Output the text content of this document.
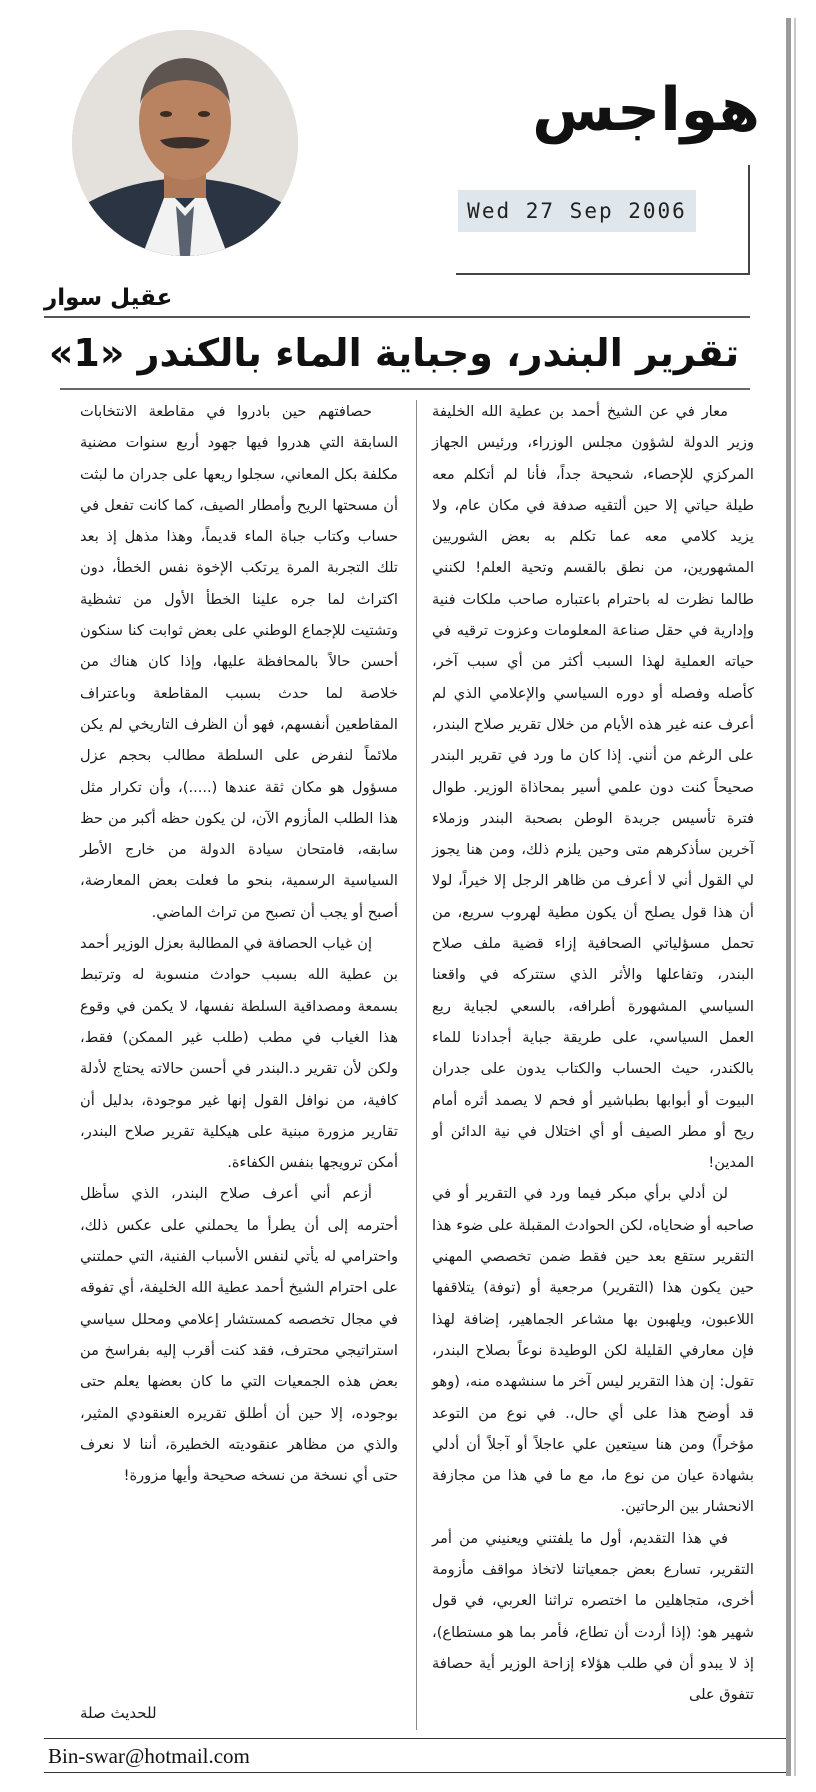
هواجس
Wed 27 Sep 2006
عقيل سوار
تقرير البندر، وجباية الماء بالكندر «1»

معار في عن الشيخ أحمد بن عطية الله الخليفة وزير الدولة لشؤون مجلس الوزراء، ورئيس الجهاز المركزي للإحصاء، شحيحة جداً، فأنا لم أتكلم معه طيلة حياتي إلا حين ألتقيه صدفة في مكان عام، ولا يزيد كلامي معه عما تكلم به بعض الشوريين المشهورين، من نطق بالقسم وتحية العلم! لكنني طالما نظرت له باحترام باعتباره صاحب ملكات فنية وإدارية في حقل صناعة المعلومات وعزوت ترقيه في حياته العملية لهذا السبب أكثر من أي سبب آخر، كأصله وفصله أو دوره السياسي والإعلامي الذي لم أعرف عنه غير هذه الأيام من خلال تقرير صلاح البندر، على الرغم من أنني. إذا كان ما ورد في تقرير البندر صحيحاً كنت دون علمي أسير بمحاذاة الوزير. طوال فترة تأسيس جريدة الوطن بصحبة البندر وزملاء آخرين سأذكرهم متى وحين يلزم ذلك، ومن هنا يجوز لي القول أني لا أعرف من ظاهر الرجل إلا خيراً، لولا أن هذا قول يصلح أن يكون مطية لهروب سريع، من تحمل مسؤلياتي الصحافية إزاء قضية ملف صلاح البندر، وتفاعلها والأثر الذي ستتركه في واقعنا السياسي المشهورة أطرافه، بالسعي لجباية ريع العمل السياسي، على طريقة جباية أجدادنا للماء بالكندر، حيث الحساب والكتاب يدون على جدران البيوت أو أبوابها بطباشير أو فحم لا يصمد أثره أمام ريح أو مطر الصيف أو أي اختلال في نية الدائن أو المدين!

لن أدلي برأي مبكر فيما ورد في التقرير أو في صاحبه أو ضحاياه، لكن الحوادث المقبلة على ضوء هذا التقرير ستقع بعد حين فقط ضمن تخصصي المهني حين يكون هذا (التقرير) مرجعية أو (توفة) يتلاقفها اللاعبون، ويلهبون بها مشاعر الجماهير، إضافة لهذا فإن معارفي القليلة لكن الوطيدة نوعاً بصلاح البندر، تقول: إن هذا التقرير ليس آخر ما سنشهده منه، (وهو قد أوضح هذا على أي حال،. في نوع من التوعد مؤخراً) ومن هنا سيتعين علي عاجلاً أو آجلاً أن أدلي بشهادة عيان من نوع ما، مع ما في هذا من مجازفة الانحشار بين الرحاتين.

في هذا التقديم، أول ما يلفتني ويعنيني من أمر التقرير، تسارع بعض جمعياتنا لاتخاذ مواقف مأزومة أخرى، متجاهلين ما اختصره تراثنا العربي، في قول شهير هو: (إذا أردت أن تطاع، فأمر بما هو مستطاع)، إذ لا يبدو أن في طلب هؤلاء إزاحة الوزير أية حصافة تتفوق على

حصافتهم حين بادروا في مقاطعة الانتخابات السابقة التي هدروا فيها جهود أربع سنوات مضنية مكلفة بكل المعاني، سجلوا ريعها على جدران ما لبثت أن مسحتها الريح وأمطار الصيف، كما كانت تفعل في حساب وكتاب جباة الماء قديماً، وهذا مذهل إذ بعد تلك التجربة المرة يرتكب الإخوة نفس الخطأ، دون اكتراث لما جره علينا الخطأ الأول من تشظية وتشتيت للإجماع الوطني على بعض ثوابت كنا سنكون أحسن حالاً بالمحافظة عليها، وإذا كان هناك من خلاصة لما حدث بسبب المقاطعة وباعتراف المقاطعين أنفسهم، فهو أن الظرف التاريخي لم يكن ملائماً لنفرض على السلطة مطالب بحجم عزل مسؤول هو مكان ثقة عندها (.....)، وأن تكرار مثل هذا الطلب المأزوم الآن، لن يكون حظه أكبر من حظ سابقه، فامتحان سيادة الدولة من خارج الأطر السياسية الرسمية، بنحو ما فعلت بعض المعارضة، أصبح أو يجب أن تصبح من تراث الماضي.

إن غياب الحصافة في المطالبة بعزل الوزير أحمد بن عطية الله بسبب حوادث منسوبة له وترتبط بسمعة ومصداقية السلطة نفسها، لا يكمن في وقوع هذا الغياب في مطب (طلب غير الممكن) فقط، ولكن لأن تقرير د.البندر في أحسن حالاته يحتاج لأدلة كافية، من نوافل القول إنها غير موجودة، بدليل أن تقارير مزورة مبنية على هيكلية تقرير صلاح البندر، أمكن ترويجها بنفس الكفاءة.

أزعم أني أعرف صلاح البندر، الذي سأظل أحترمه إلى أن يطرأ ما يحملني على عكس ذلك، واحترامي له يأتي لنفس الأسباب الفنية، التي حملتني على احترام الشيخ أحمد عطية الله الخليفة، أي تفوقه في مجال تخصصه كمستشار إعلامي ومحلل سياسي استراتيجي محترف، فقد كنت أقرب إليه بفراسخ من بعض هذه الجمعيات التي ما كان بعضها يعلم حتى بوجوده، إلا حين أن أطلق تقريره العنقودي المثير، والذي من مظاهر عنقوديته الخطيرة، أننا لا نعرف حتى أي نسخة من نسخه صحيحة وأيها مزورة!

للحديث صلة
Bin-swar@hotmail.com
